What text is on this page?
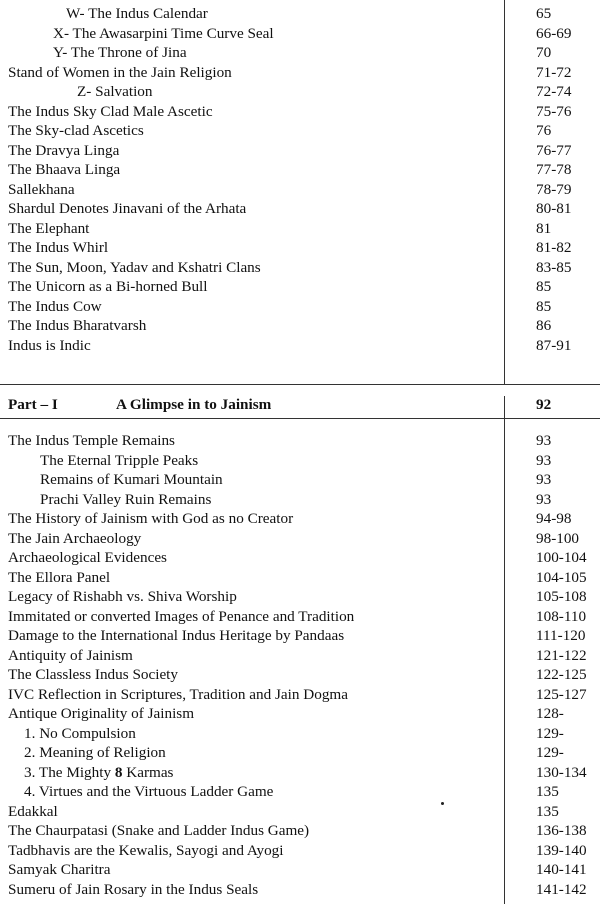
W- The Indus Calendar	65
X- The Awasarpini Time Curve Seal	66-69
Y- The Throne of Jina	70
Stand of Women in the Jain Religion	71-72
Z- Salvation	72-74
The Indus Sky Clad Male Ascetic	75-76
The Sky-clad Ascetics	76
The Dravya Linga	76-77
The Bhaava Linga	77-78
Sallekhana	78-79
Shardul Denotes Jinavani of the Arhata	80-81
The Elephant	81
The Indus Whirl	81-82
The Sun, Moon, Yadav and Kshatri Clans	83-85
The Unicorn as a Bi-horned Bull	85
The Indus Cow	85
The Indus Bharatvarsh	86
Indus is Indic	87-91
Part – I	A Glimpse in to Jainism	92
The Indus Temple Remains	93
The Eternal Tripple Peaks	93
Remains of Kumari Mountain	93
Prachi Valley Ruin Remains	93
The History of Jainism with God as no Creator	94-98
The Jain Archaeology	98-100
Archaeological Evidences	100-104
The Ellora Panel	104-105
Legacy of Rishabh vs. Shiva Worship	105-108
Immitated or converted Images of Penance and Tradition	108-110
Damage to the International Indus Heritage by Pandaas	111-120
Antiquity of Jainism	121-122
The Classless Indus Society	122-125
IVC Reflection in Scriptures, Tradition and Jain Dogma	125-127
Antique Originality of Jainism	128-
1. No Compulsion	129-
2. Meaning of Religion	129-
3. The Mighty 8 Karmas	130-134
4. Virtues and the Virtuous Ladder Game	135
Edakkal	135
The Chaurpatasi (Snake and Ladder Indus Game)	136-138
Tadbhavis are the Kewalis, Sayogi and Ayogi	139-140
Samyak Charitra	140-141
Sumeru of Jain Rosary in the Indus Seals	141-142
